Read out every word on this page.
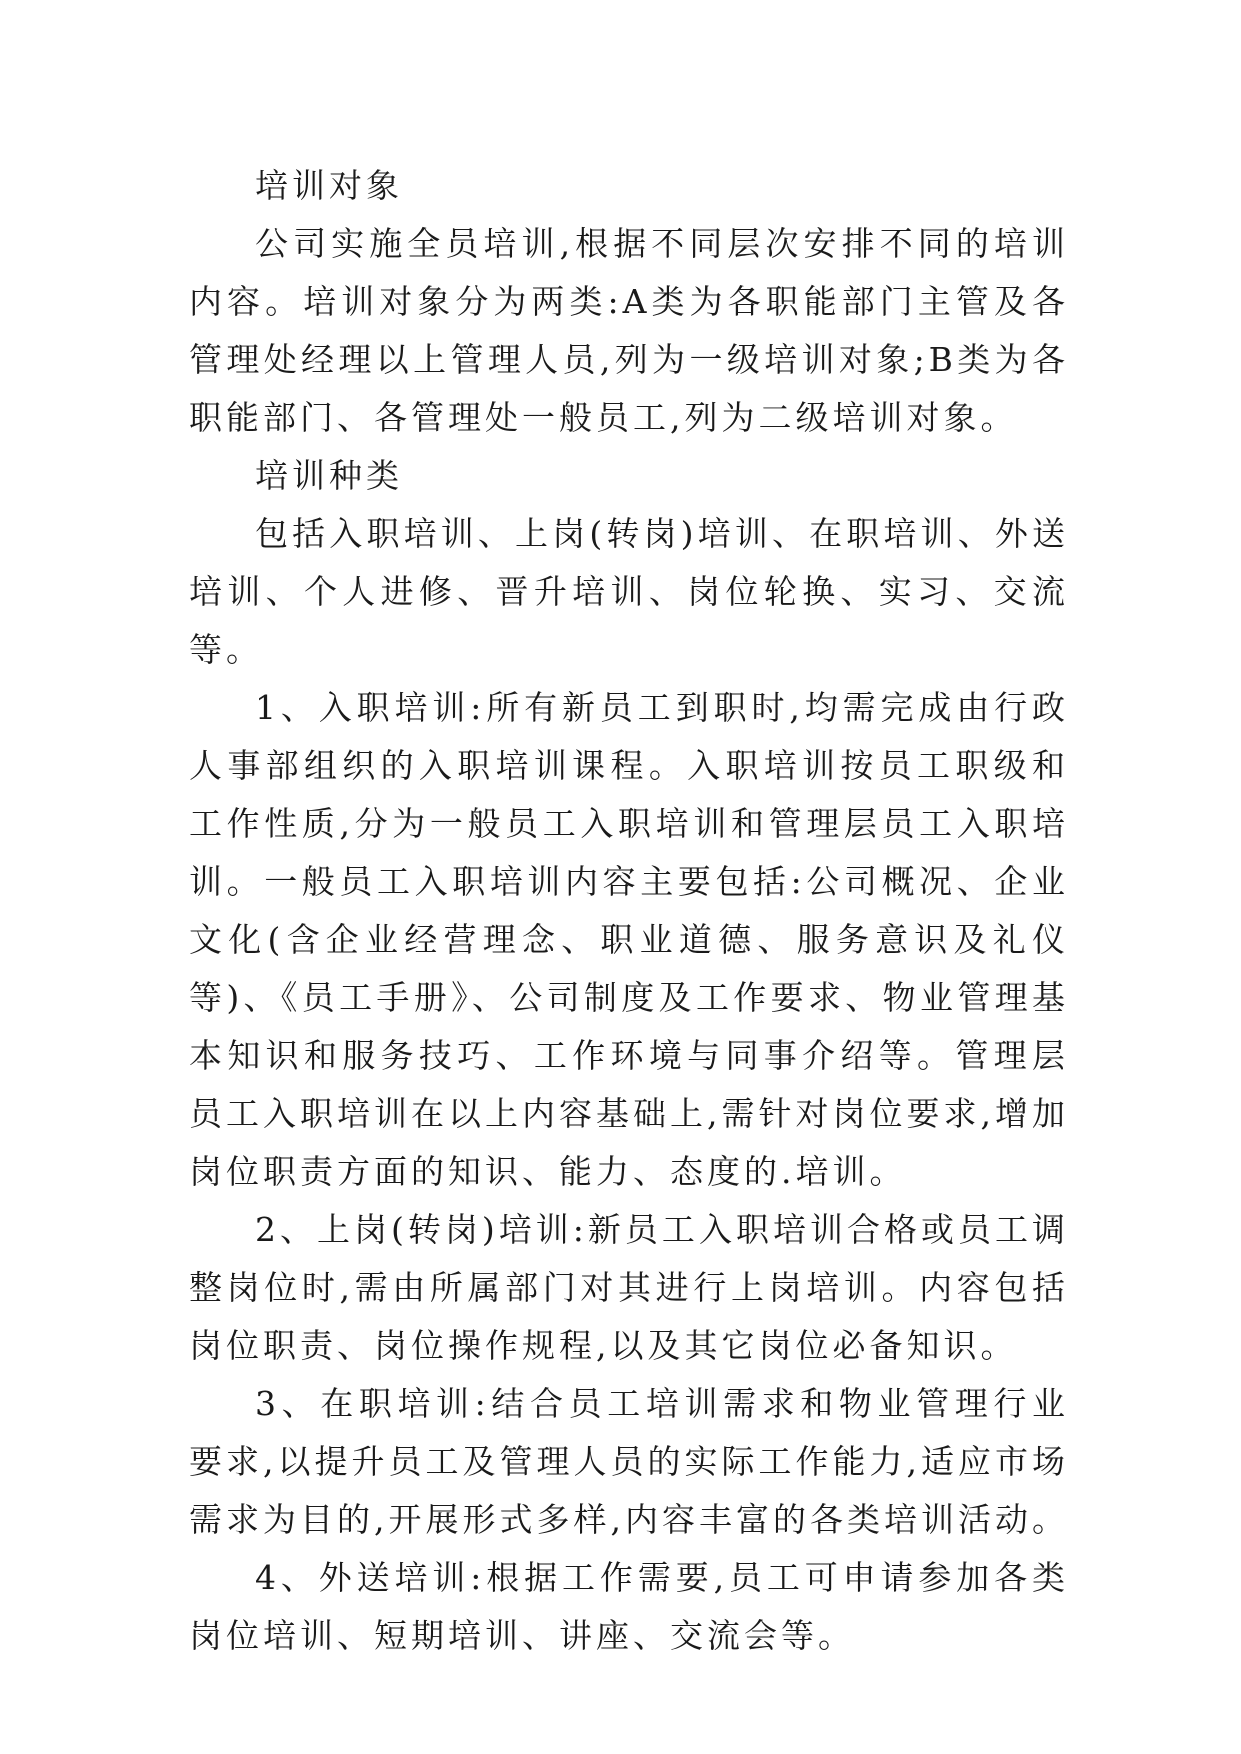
培训对象

公司实施全员培训,根据不同层次安排不同的培训内容。培训对象分为两类:A类为各职能部门主管及各管理处经理以上管理人员,列为一级培训对象;B类为各职能部门、各管理处一般员工,列为二级培训对象。

培训种类

包括入职培训、上岗(转岗)培训、在职培训、外送培训、个人进修、晋升培训、岗位轮换、实习、交流等。

1、入职培训:所有新员工到职时,均需完成由行政人事部组织的入职培训课程。入职培训按员工职级和工作性质,分为一般员工入职培训和管理层员工入职培训。一般员工入职培训内容主要包括:公司概况、企业文化(含企业经营理念、职业道德、服务意识及礼仪等)、《员工手册》、公司制度及工作要求、物业管理基本知识和服务技巧、工作环境与同事介绍等。管理层员工入职培训在以上内容基础上,需针对岗位要求,增加岗位职责方面的知识、能力、态度的.培训。

2、上岗(转岗)培训:新员工入职培训合格或员工调整岗位时,需由所属部门对其进行上岗培训。内容包括岗位职责、岗位操作规程,以及其它岗位必备知识。

3、在职培训:结合员工培训需求和物业管理行业要求,以提升员工及管理人员的实际工作能力,适应市场需求为目的,开展形式多样,内容丰富的各类培训活动。

4、外送培训:根据工作需要,员工可申请参加各类岗位培训、短期培训、讲座、交流会等。
